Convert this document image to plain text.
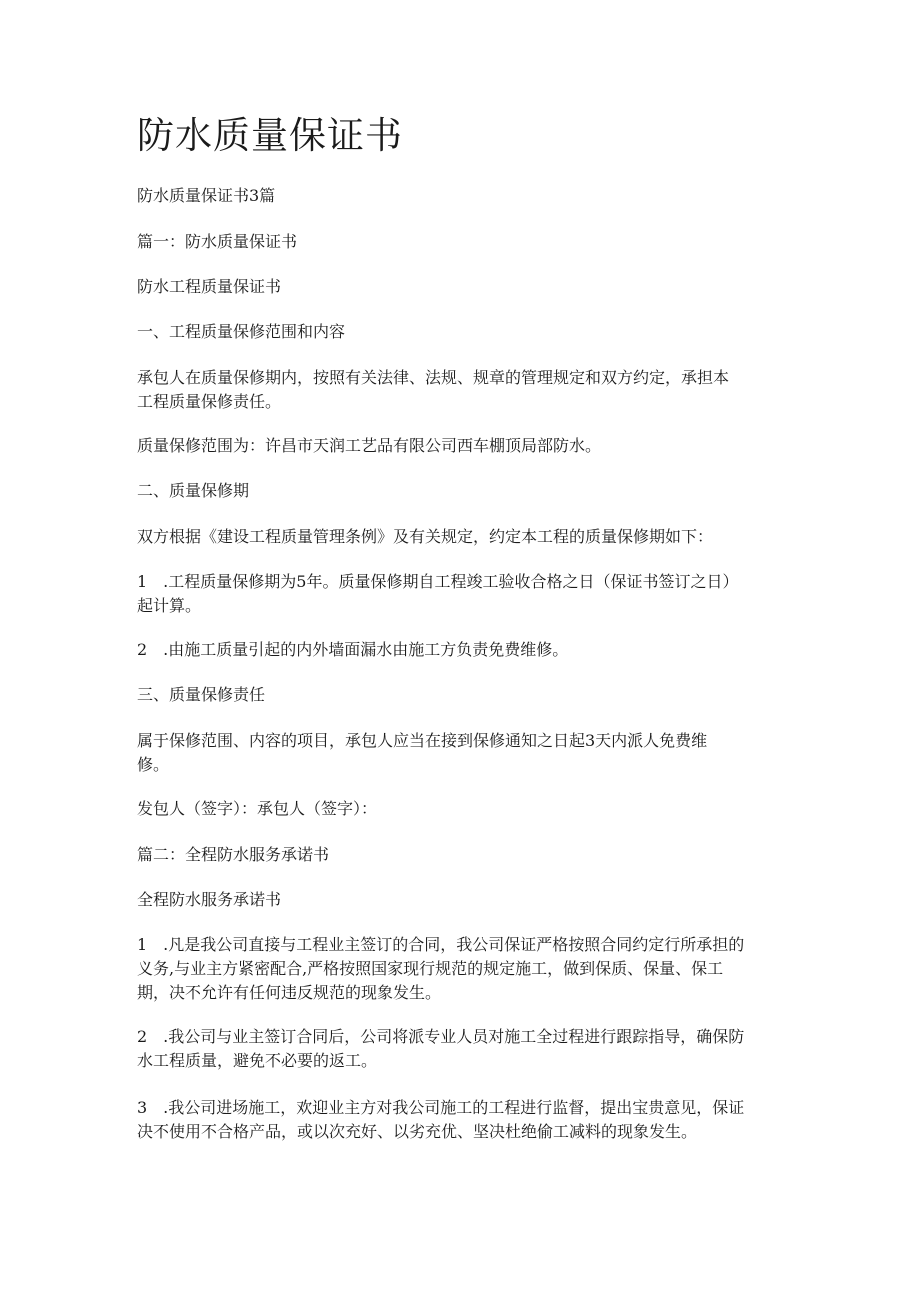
防水质量保证书

防水质量保证书3篇

篇一：防水质量保证书

防水工程质量保证书

一、工程质量保修范围和内容

承包人在质量保修期内，按照有关法律、法规、规章的管理规定和双方约定，承担本
工程质量保修责任。

质量保修范围为：许昌市天润工艺品有限公司西车棚顶局部防水。

二、质量保修期

双方根据《建设工程质量管理条例》及有关规定，约定本工程的质量保修期如下：

1　.工程质量保修期为5年。质量保修期自工程竣工验收合格之日（保证书签订之日）
起计算。

2　.由施工质量引起的内外墙面漏水由施工方负责免费维修。

三、质量保修责任

属于保修范围、内容的项目，承包人应当在接到保修通知之日起3天内派人免费维
修。

发包人（签字）：承包人（签字）：

篇二：全程防水服务承诺书

全程防水服务承诺书

1　.凡是我公司直接与工程业主签订的合同，我公司保证严格按照合同约定行所承担的
义务,与业主方紧密配合,严格按照国家现行规范的规定施工，做到保质、保量、保工
期，决不允许有任何违反规范的现象发生。

2　.我公司与业主签订合同后，公司将派专业人员对施工全过程进行跟踪指导，确保防
水工程质量，避免不必要的返工。

3　.我公司进场施工，欢迎业主方对我公司施工的工程进行监督，提出宝贵意见，保证
决不使用不合格产品，或以次充好、以劣充优、坚决杜绝偷工减料的现象发生。
